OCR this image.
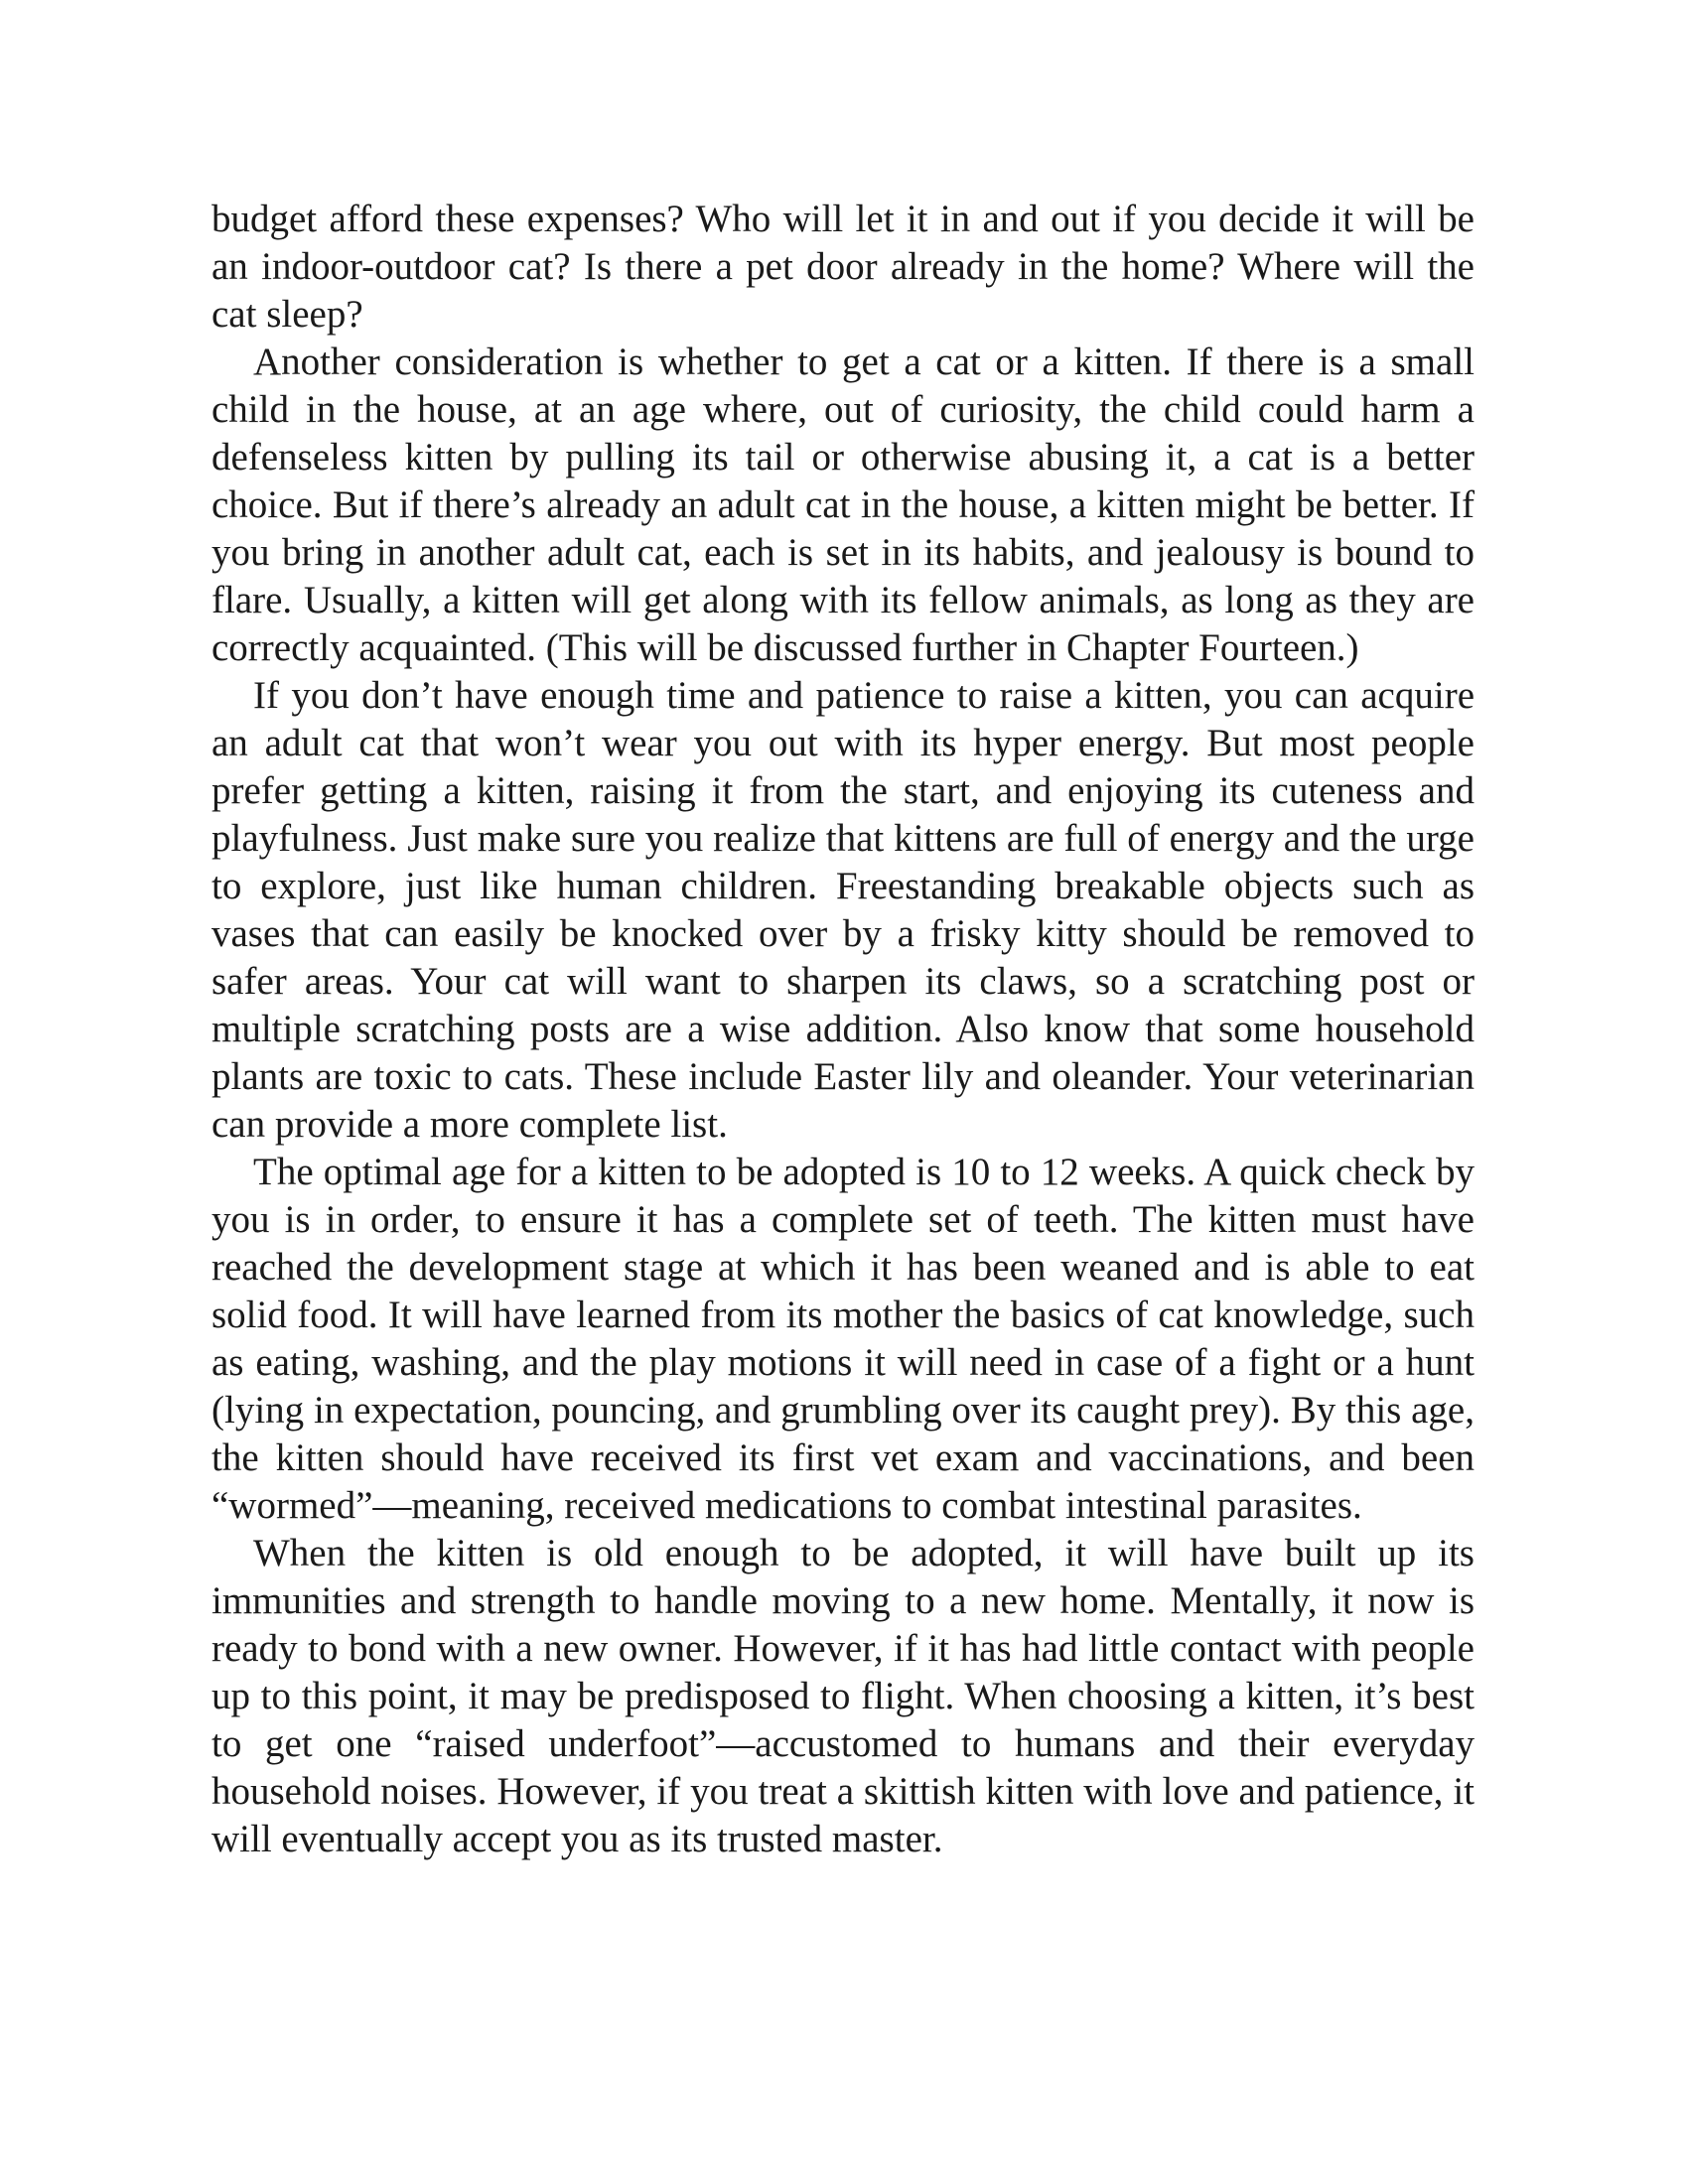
budget afford these expenses? Who will let it in and out if you decide it will be an indoor-outdoor cat? Is there a pet door already in the home? Where will the cat sleep?

Another consideration is whether to get a cat or a kitten. If there is a small child in the house, at an age where, out of curiosity, the child could harm a defenseless kitten by pulling its tail or otherwise abusing it, a cat is a better choice. But if there’s already an adult cat in the house, a kitten might be better. If you bring in another adult cat, each is set in its habits, and jealousy is bound to flare. Usually, a kitten will get along with its fellow animals, as long as they are correctly acquainted. (This will be discussed further in Chapter Fourteen.)

If you don’t have enough time and patience to raise a kitten, you can acquire an adult cat that won’t wear you out with its hyper energy. But most people prefer getting a kitten, raising it from the start, and enjoying its cuteness and playfulness. Just make sure you realize that kittens are full of energy and the urge to explore, just like human children. Freestanding breakable objects such as vases that can easily be knocked over by a frisky kitty should be removed to safer areas. Your cat will want to sharpen its claws, so a scratching post or multiple scratching posts are a wise addition. Also know that some household plants are toxic to cats. These include Easter lily and oleander. Your veterinarian can provide a more complete list.

The optimal age for a kitten to be adopted is 10 to 12 weeks. A quick check by you is in order, to ensure it has a complete set of teeth. The kitten must have reached the development stage at which it has been weaned and is able to eat solid food. It will have learned from its mother the basics of cat knowledge, such as eating, washing, and the play motions it will need in case of a fight or a hunt (lying in expectation, pouncing, and grumbling over its caught prey). By this age, the kitten should have received its first vet exam and vaccinations, and been “wormed”—meaning, received medications to combat intestinal parasites.

When the kitten is old enough to be adopted, it will have built up its immunities and strength to handle moving to a new home. Mentally, it now is ready to bond with a new owner. However, if it has had little contact with people up to this point, it may be predisposed to flight. When choosing a kitten, it’s best to get one “raised underfoot”—accustomed to humans and their everyday household noises. However, if you treat a skittish kitten with love and patience, it will eventually accept you as its trusted master.
